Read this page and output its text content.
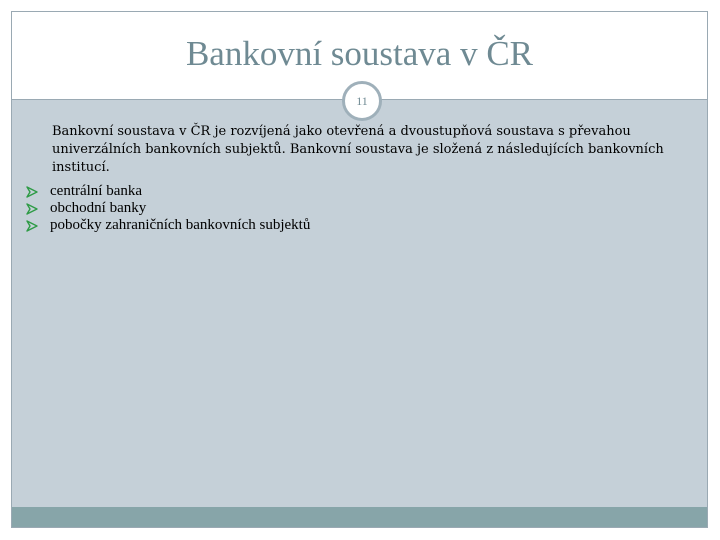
Bankovní soustava v ČR
11
Bankovní soustava v ČR je rozvíjená jako otevřená a dvoustupňová soustava s převahou univerzálních bankovních subjektů. Bankovní soustava je složená z následujících bankovních institucí.
centrální banka
obchodní banky
pobočky zahraničních bankovních subjektů
